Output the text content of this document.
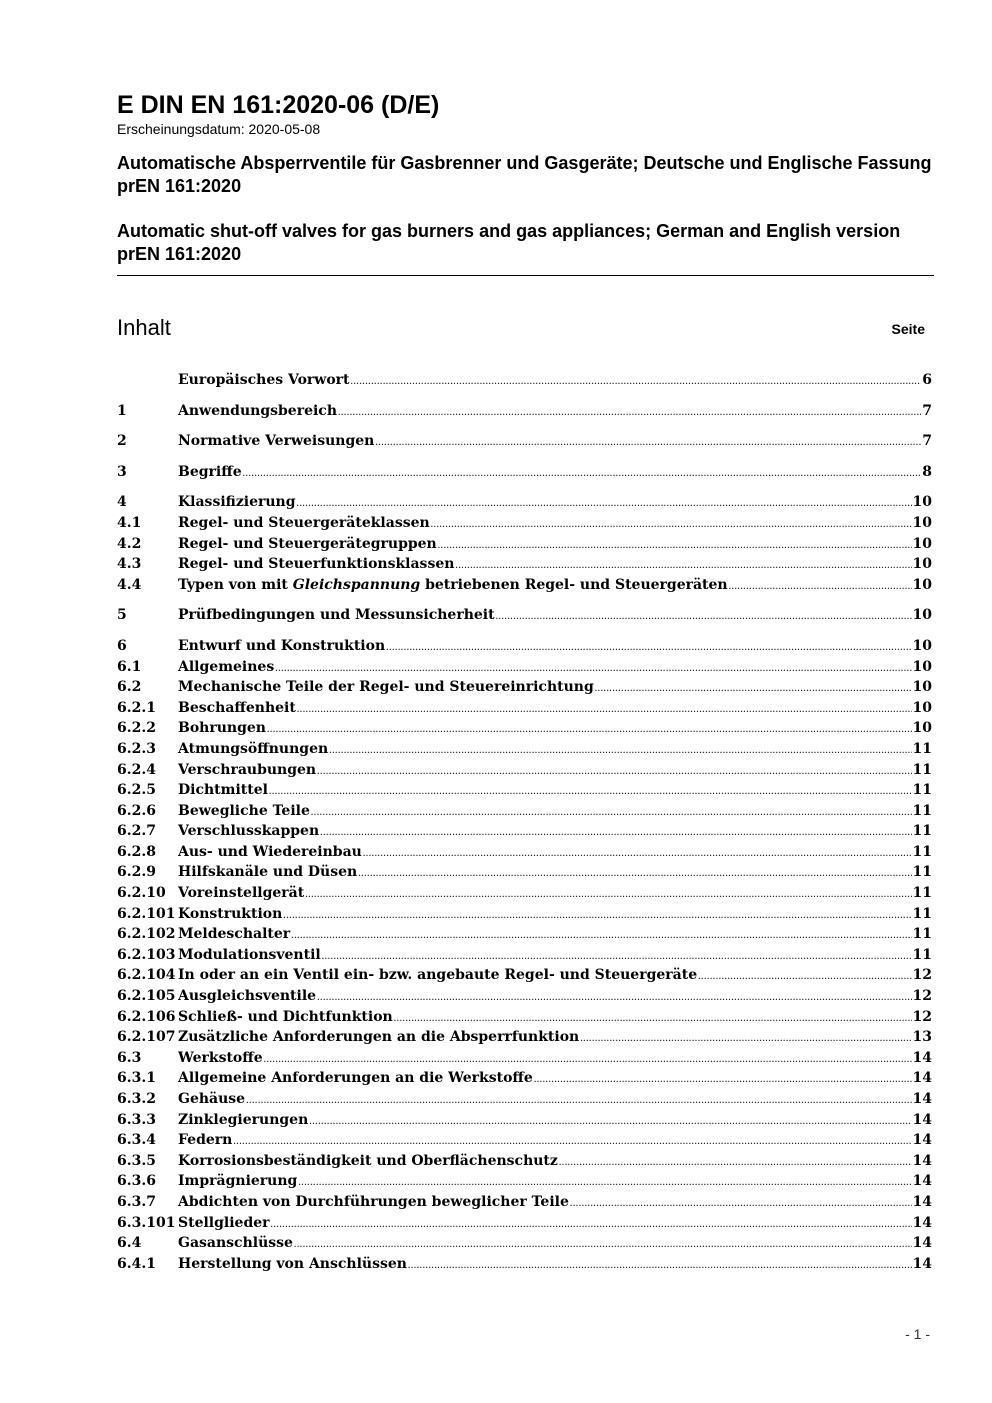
E DIN EN 161:2020-06 (D/E)

Erscheinungsdatum: 2020-05-08

Automatische Absperrventile für Gasbrenner und Gasgeräte; Deutsche und Englische Fassung prEN 161:2020

Automatic shut-off valves for gas burners and gas appliances; German and English version prEN 161:2020

Inhalt	Seite
Europäisches Vorwort .....	6
1	Anwendungsbereich .....	7
2	Normative Verweisungen .....	7
3	Begriffe .....	8
4	Klassifizierung .....	10
4.1	Regel- und Steuergeräteklassen .....	10
4.2	Regel- und Steuergerätegruppen .....	10
4.3	Regel- und Steuerfunktionsklassen .....	10
4.4	Typen von mit Gleichspannung betriebenen Regel- und Steuergeräten .....	10
5	Prüfbedingungen und Messunsicherheit .....	10
6	Entwurf und Konstruktion .....	10
6.1	Allgemeines .....	10
6.2	Mechanische Teile der Regel- und Steuereinrichtung .....	10
6.2.1	Beschaffenheit .....	10
6.2.2	Bohrungen .....	10
6.2.3	Atmungsöffnungen .....	11
6.2.4	Verschraubungen .....	11
6.2.5	Dichtmittel .....	11
6.2.6	Bewegliche Teile .....	11
6.2.7	Verschlusskappen .....	11
6.2.8	Aus- und Wiedereinbau .....	11
6.2.9	Hilfskanäle und Düsen .....	11
6.2.10 Voreinstellgerät .....	11
6.2.101 Konstruktion .....	11
6.2.102 Meldeschalter .....	11
6.2.103 Modulationsventil .....	11
6.2.104 In oder an ein Ventil ein- bzw. angebaute Regel- und Steuergeräte .....	12
6.2.105 Ausgleichsventile .....	12
6.2.106 Schließ- und Dichtfunktion .....	12
6.2.107 Zusätzliche Anforderungen an die Absperrfunktion .....	13
6.3	Werkstoffe .....	14
6.3.1	Allgemeine Anforderungen an die Werkstoffe .....	14
6.3.2	Gehäuse .....	14
6.3.3	Zinklegierungen .....	14
6.3.4	Federn .....	14
6.3.5	Korrosionsbeständigkeit und Oberflächenschutz .....	14
6.3.6	Imprägnierung .....	14
6.3.7	Abdichten von Durchführungen beweglicher Teile .....	14
6.3.101 Stellglieder .....	14
6.4	Gasanschlüsse .....	14
6.4.1	Herstellung von Anschlüssen .....	14
- 1 -
